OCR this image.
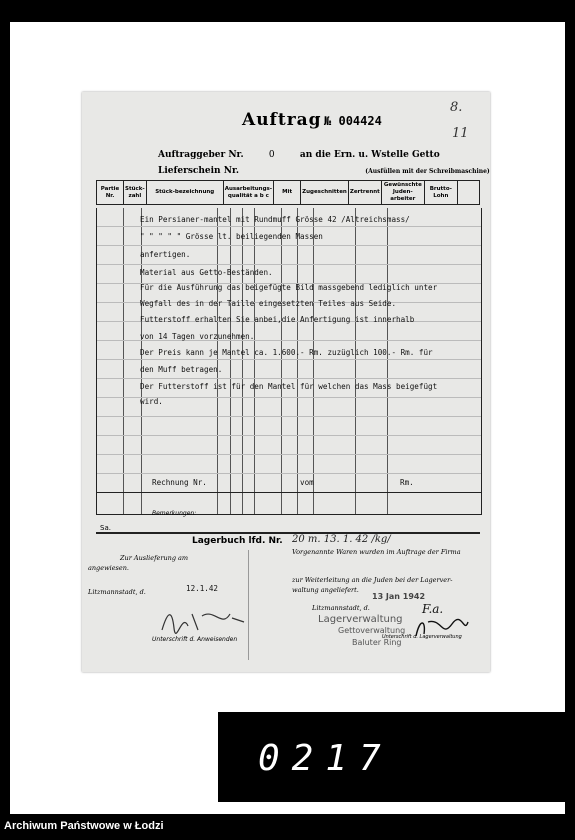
Auftrag № 004424
8.
11
Auftraggeber Nr.	0	an die Ern. u. Wstelle Getto
Lieferschein Nr.	(Ausfüllen mit der Schreibmaschine)
Partie Nr.	Stück-zahl	Stück-bezeichnung	Ausarbeitungs-qualität a b c	Mit	Zugeschnitten	Zertrennt	Gewünschte Juden-arbeiter	Brutto-Lohn	
Ein Persianer-mantel mit Rundmuff Grösse 42 /Altreichsmass/
" " " " " Grösse lt. beiliegenden Massen
anfertigen.
Material aus Getto-Beständen.
Für die Ausführung das beigefügte Bild massgebend lediglich unter
Wegfall des in der Taille eingesetzten Teiles aus Seide.
Futterstoff erhalten Sie anbei,die Anfertigung ist innerhalb
von 14 Tagen vorzunehmen.
Der Preis kann je Mantel ca. 1.600.- Rm. zuzüglich 100.- Rm. für
den Muff betragen.
Der Futterstoff ist für den Mantel für welchen das Mass beigefügt
wird.
Rechnung Nr.	vom	Rm.
Bemerkungen:
Sa.
Lagerbuch lfd. Nr. 20 m. 13. 1. 42 /kg/
Zur Auslieferung am
angewiesen.
Litzmannstadt, d.	12.1.42
Unterschrift d. Anweisenden
Vorgenannte Waren wurden im Auftrage der Firma
zur Weiterleitung an die Juden bei der Lagerver-
waltung angeliefert.
Litzmannstadt, d.
13 Jan 1942
Lagerverwaltung
Gettoverwaltung
Baluter Ring
F.a.
Unterschrift d. Lagerverwaltung
0217
Archiwum Państwowe w Łodzi
